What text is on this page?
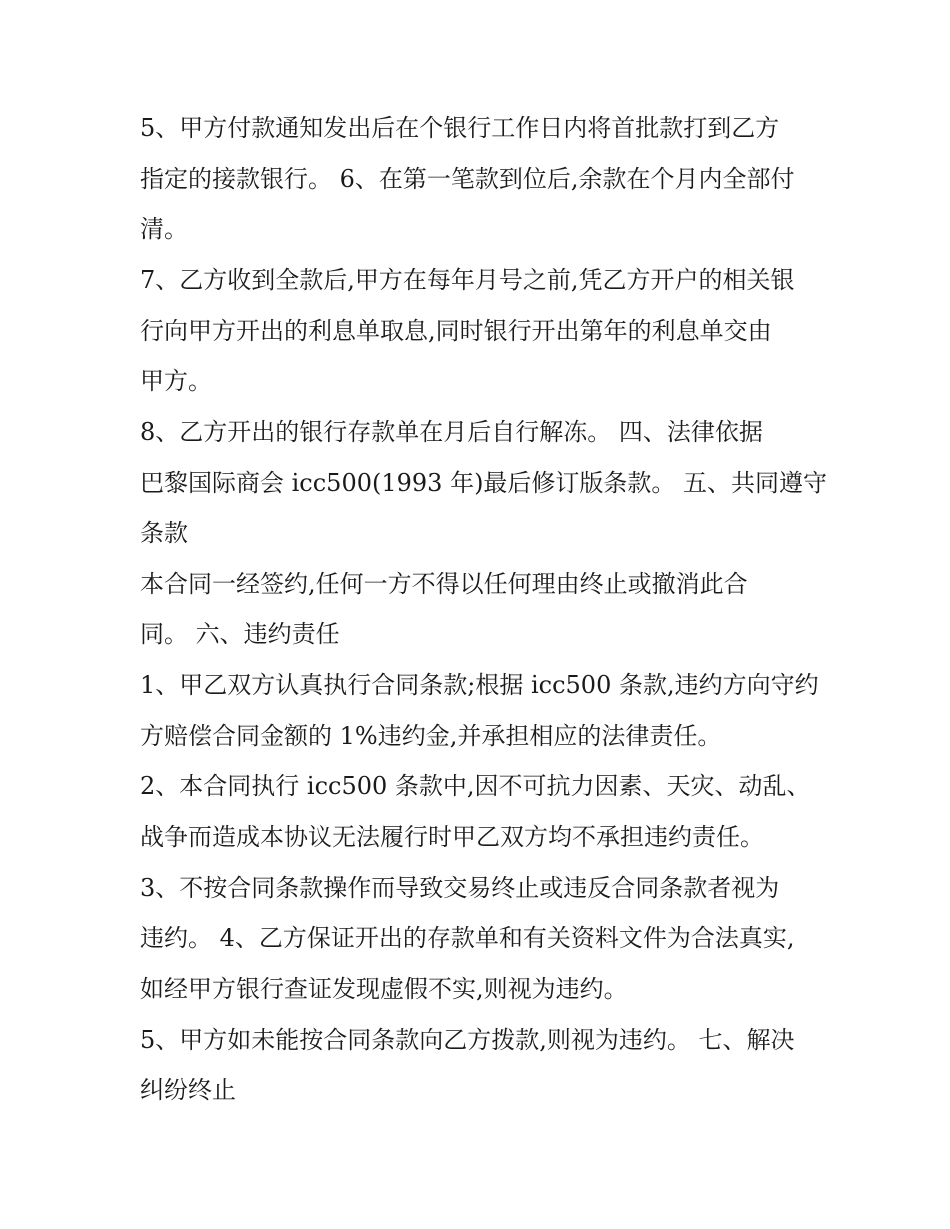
5、甲方付款通知发出后在个银行工作日内将首批款打到乙方
指定的接款银行。 6、在第一笔款到位后,余款在个月内全部付
清。
7、乙方收到全款后,甲方在每年月号之前,凭乙方开户的相关银
行向甲方开出的利息单取息,同时银行开出第年的利息单交由
甲方。
8、乙方开出的银行存款单在月后自行解冻。 四、法律依据
巴黎国际商会 icc500(1993 年)最后修订版条款。 五、共同遵守
条款
本合同一经签约,任何一方不得以任何理由终止或撤消此合
同。 六、违约责任
1、甲乙双方认真执行合同条款;根据 icc500 条款,违约方向守约
方赔偿合同金额的 1%违约金,并承担相应的法律责任。
2、本合同执行 icc500 条款中,因不可抗力因素、天灾、动乱、
战争而造成本协议无法履行时甲乙双方均不承担违约责任。
3、不按合同条款操作而导致交易终止或违反合同条款者视为
违约。 4、乙方保证开出的存款单和有关资料文件为合法真实,
如经甲方银行查证发现虚假不实,则视为违约。
5、甲方如未能按合同条款向乙方拨款,则视为违约。 七、解决
纠纷终止
